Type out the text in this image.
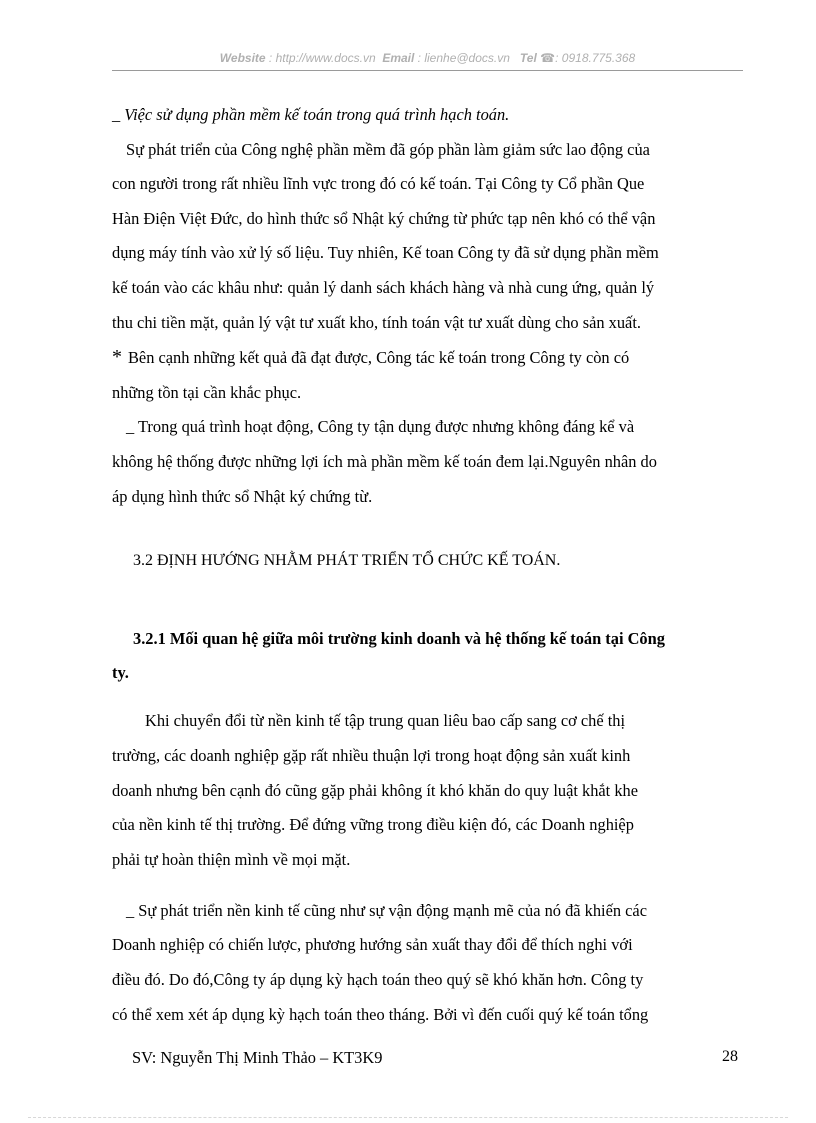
Website : http://www.docs.vn Email : lienhe@docs.vn Tel ☎: 0918.775.368

_ Việc sử dụng phần mềm kế toán trong quá trình hạch toán.

Sự phát triển của Công nghệ phần mềm đã góp phần làm giảm sức lao động của
con người trong rất nhiều lĩnh vực trong đó có kế toán. Tại Công ty Cổ phần Que
Hàn Điện Việt Đức, do hình thức sổ Nhật ký chứng từ phức tạp nên khó có thể vận
dụng máy tính vào xử lý số liệu. Tuy nhiên, Kế toan Công ty đã sử dụng phần mềm
kế toán vào các khâu như: quản lý danh sách khách hàng và nhà cung ứng, quản lý
thu chi tiền mặt, quản lý vật tư xuất kho, tính toán vật tư xuất dùng cho sản xuất.

* Bên cạnh những kết quả đã đạt được, Công tác kế toán trong Công ty còn có
những tồn tại cần khắc phục.

_ Trong quá trình hoạt động, Công ty tận dụng được nhưng không đáng kể và
không hệ thống được những lợi ích mà phần mềm kế toán đem lại.Nguyên nhân do
áp dụng hình thức sổ Nhật ký chứng từ.

3.2 ĐỊNH HƯỚNG NHẰM PHÁT TRIỂN TỔ CHỨC KẾ TOÁN.
3.2.1 Mối quan hệ giữa môi trường kinh doanh và hệ thống kế toán tại Công
ty.

Khi chuyển đổi từ nền kinh tế tập trung quan liêu bao cấp sang cơ chế thị
trường, các doanh nghiệp gặp rất nhiều thuận lợi trong hoạt động sản xuất kinh
doanh nhưng bên cạnh đó cũng gặp phải không ít khó khăn do quy luật khắt khe
của nền kinh tế thị trường. Để đứng vững trong điều kiện đó, các Doanh nghiệp
phải tự hoàn thiện mình về mọi mặt.

_ Sự phát triển nền kinh tế cũng như sự vận động mạnh mẽ của nó đã khiến các
Doanh nghiệp có chiến lược, phương hướng sản xuất thay đổi để thích nghi với
điều đó. Do đó,Công ty áp dụng kỳ hạch toán theo quý sẽ khó khăn hơn. Công ty
có thể xem xét áp dụng kỳ hạch toán theo tháng. Bởi vì đến cuối quý kế toán tổng

SV: Nguyễn Thị Minh Thảo – KT3K9	28
